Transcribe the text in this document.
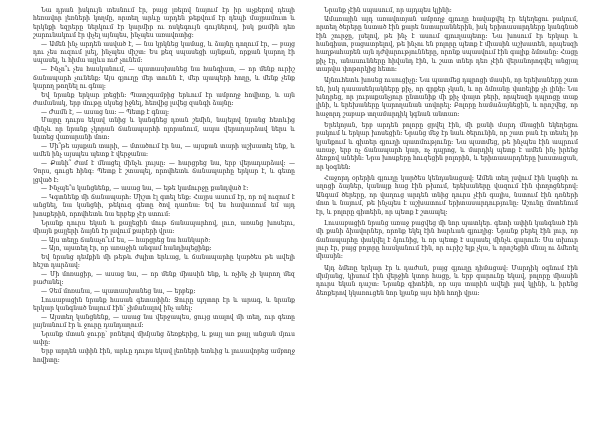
Նա դրան իսկույն տեսնում էր, բայց լռելով նայում էր իր աչքերով դեպի հեռավոր լեռների կողմը, որտեղ արևը արդեն թեքվում էր դեպի մայրամուտ և երկնքի եզրերը ներկում էր կարմիր ու ոսկեգույն գույներով, իսկ քամին դեռ շարունակում էր փչել այնպես, ինչպես առավոտից։

— Ամեն ինչ արդեն ասված է, — նա կրկնեց կամաց, և ձայնը դողում էր, — բայց դու չես ուզում լսել, ինչպես միշտ։ Ես քեզ սպասեցի այնքան, որքան կարող էի սպասել, և հիմա այլևս ուժ չունեմ։

— Ինչո՞ւ չես հասկանում, — պատասխանեց նա հանգիստ, — որ մենք ուրիշ ճանապարհ չունենք։ Այս գյուղը մեր տունն է, մեր պապերի հողը, և մենք չենք կարող թողնել ու գնալ։

Եվ նրանք երկար լռեցին։ Պատշգամբից երևում էր ամբողջ հովիտը, և այն ժամանակ, երբ մութը սկսեց իջնել, հեռվից լսվեց զանգի ձայնը։

— Ժամն է, — ասաց նա։ — Պետք է գնալ։

Մայրը դուրս եկավ տնից և կանգնեց դռան շեմին, նայելով նրանց հետևից մինչև որ նրանք չկորան ճանապարհի ոլորանում, ապա վերադարձավ ներս և նստեց վառարանի մոտ։

— Մի՞թե այսքան տարի, — մտածում էր նա, — այսքան տարի աշխատել ենք, և ամեն ինչ այսպես պետք է վերջանա։

— Քանի՞ ժամ է մնացել մինչև լույսը։ — հարցրեց նա, երբ վերադարձավ։ — Չորս, գուցե հինգ։ Պետք է շտապել, որովհետև ճանապարհը երկար է, և գետը լցված է։

— Ինչպե՞ս կանցնենք, — ասաց նա, — եթե կամուրջը քանդված է։

— Կգտնենք մի ճանապարհ։ Միշտ էլ գտել ենք։ Հայրս ասում էր, որ ով ուզում է անցնել, նա կանցնի, թեկուզ գետը ծով դառնա։ Եվ ես հավատում եմ այդ խոսքերին, որովհետև նա երբեք չէր ստում։

Նրանք դուրս եկան և քայլեցին մութ ճանապարհով, լուռ, առանց խոսելու, միայն քայլերի ձայնն էր լսվում քարերի վրա։

— Այս տեղը ճանաչո՞ւմ ես, — հարցրեց նա հանկարծ։

— Այո, այստեղ էր, որ առաջին անգամ հանդիպեցինք։

Եվ նրանց դեմքին մի թեթև ժպիտ երևաց, և ճանապարհը կարծես թե ավելի հեշտ դարձավ։

— Մի մոռացիր, — ասաց նա, — որ մենք միասին ենք, և ոչինչ չի կարող մեզ բաժանել։

— Չեմ մոռանա, — պատասխանեց նա, — երբեք։

Լուսաբացին նրանք հասան գետափին։ Ջուրը պղտոր էր և արագ, և նրանք երկար կանգնած նայում էին՝ չիմանալով ինչ անել։

— Այստեղ կանցնենք, — ասաց նա վերջապես, ցույց տալով մի տեղ, ուր գետը լայնանում էր և ջուրը դանդաղում։

Նրանք մտան ջուրը՝ բռնելով միմյանց ձեռքերից, և քայլ առ քայլ անցան մյուս ափը։

Երբ արդեն ափին էին, արևը դուրս եկավ լեռների ետևից և լուսավորեց ամբողջ հովիտը։

Նրանք չէին սպասում, որ այդպես կլինի։

Ամառային այդ առավոտյան ամբողջ գյուղը հավաքվել էր եկեղեցու բակում, որտեղ ծերերը նստած էին քարե նստարաններին, իսկ երիտասարդները կանգնած էին շուրջը, լսելով, թե ինչ է ասում գյուղապետը։ Նա խոսում էր երկար և հանգիստ, բացատրելով, թե ինչու են բոլորը պետք է միասին աշխատեն, որպեսզի հաղթահարեն այն դժվարությունները, որոնք սպասվում էին գալիք ձմռանը։ Հացը քիչ էր, անասունները հիվանդ էին, և շատ տներ դեռ չէին վերանորոգվել անցյալ տարվա փոթորկից հետո։

Այնուհետև խոսեց ուսուցիչը։ Նա պատմեց դպրոցի մասին, որ երեխաները շատ են, իսկ դասասենյակները քիչ, որ գրքեր չկան, և որ ձմռանը վառելիք չի լինի։ Նա խնդրեց, որ յուրաքանչյուր ընտանիք մի քիչ փայտ բերի, որպեսզի դպրոցը տաք լինի, և երեխաները կարողանան սովորել։ Բոլորը համաձայնեցին, և որոշվեց, որ հաջորդ շաբաթ տղամարդիկ կգնան անտառ։

Երեկոյան, երբ արդեն բոլորը ցրվել էին, մի քանի մարդ մնացին եկեղեցու բակում և երկար խոսեցին։ Նրանց մեջ էր նաև ծերունին, որ շատ բան էր տեսել իր կյանքում և գիտեր գյուղի պատմությունը։ Նա պատմեց, թե ինչպես էին ապրում առաջ, երբ ոչ ճանապարհ կար, ոչ դպրոց, և մարդիկ պետք է ամեն ինչ իրենց ձեռքով անեին։ Նրա խոսքերը հուզեցին բոլորին, և երիտասարդները խոստացան, որ կօգնեն։

Հաջորդ օրերին գյուղը կարծես կենդանացավ։ Ամեն տեղ լսվում էին կացնի ու սղոցի ձայներ, կանայք հաց էին թխում, երեխաները վազում էին փողոցներով։ Անգամ ծերերը, որ վաղուց արդեն տնից դուրս չէին գալիս, նստում էին դռների մոտ և նայում, թե ինչպես է աշխատում երիտասարդությունը։ Աշունը մոտենում էր, և բոլորը գիտեին, որ պետք է շտապել։

Լուսաբացին նրանց առաջ բացվեց մի նոր պատկեր․ գետի ափին կանգնած էին մի քանի ձիավորներ, որոնք եկել էին հարևան գյուղից։ Նրանք բերել էին լուր, որ ճանապարհը փակվել է ձյունից, և որ պետք է սպասել մինչև գարուն։ Սա տխուր լուր էր, բայց բոլորը հասկանում էին, որ ուրիշ ելք չկա, և որոշեցին մնալ ու ձմեռել միասին։

Այդ ձմեռը երկար էր և դաժան, բայց գյուղը դիմացավ։ Մարդիկ օգնում էին միմյանց, կիսում էին վերջին կտոր հացը, և երբ գարունը եկավ, բոլորը միասին դուրս եկան դաշտ։ Նրանք գիտեին, որ այս տարին ավելի լավ կլինի, և իրենց ձեռքերով կկառուցեն նոր կյանք այս հին հողի վրա։
